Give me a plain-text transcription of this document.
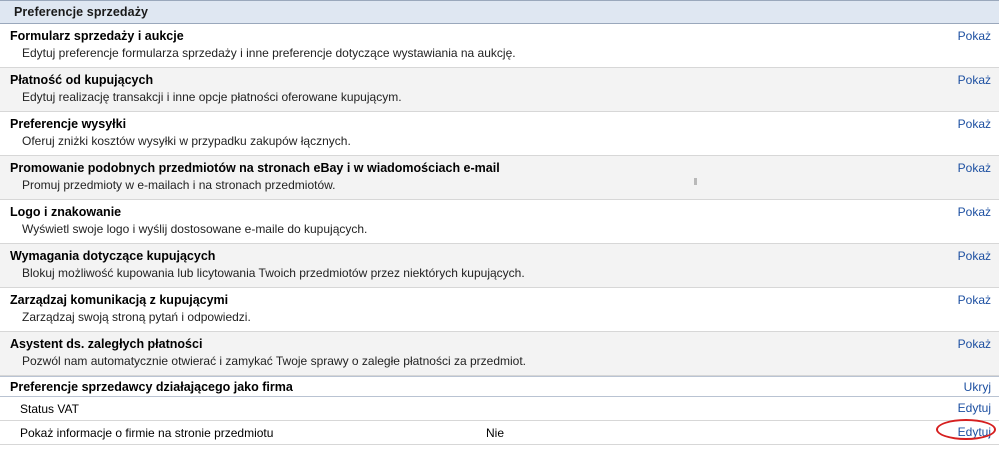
Preferencje sprzedaży
Formularz sprzedaży i aukcje
Edytuj preferencje formularza sprzedaży i inne preferencje dotyczące wystawiania na aukcję.
Pokaż
Płatność od kupujących
Edytuj realizację transakcji i inne opcje płatności oferowane kupującym.
Pokaż
Preferencje wysyłki
Oferuj zniżki kosztów wysyłki w przypadku zakupów łącznych.
Pokaż
Promowanie podobnych przedmiotów na stronach eBay i w wiadomościach e-mail
Promuj przedmioty w e-mailach i na stronach przedmiotów.
Pokaż
Logo i znakowanie
Wyświetl swoje logo i wyślij dostosowane e-maile do kupujących.
Pokaż
Wymagania dotyczące kupujących
Blokuj możliwość kupowania lub licytowania Twoich przedmiotów przez niektórych kupujących.
Pokaż
Zarządzaj komunikacją z kupującymi
Zarządzaj swoją stroną pytań i odpowiedzi.
Pokaż
Asystent ds. zaległych płatności
Pozwól nam automatycznie otwierać i zamykać Twoje sprawy o zaległe płatności za przedmiot.
Pokaż
Preferencje sprzedawcy działającego jako firma	Ukryj
Status VAT	Edytuj
Pokaż informacje o firmie na stronie przedmiotu	Nie	Edytuj
